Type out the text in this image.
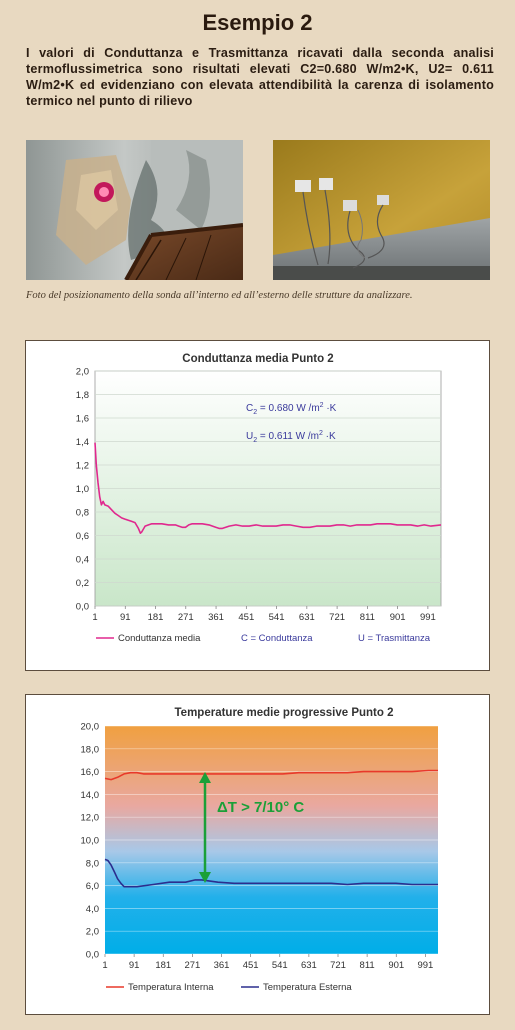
Esempio 2
I valori di Conduttanza e Trasmittanza ricavati dalla seconda analisi termoflussimetrica sono risultati elevati C2=0.680 W/m2•K, U2= 0.611 W/m2•K ed evidenziano con elevata attendibilità la carenza di isolamento termico nel punto di rilievo
Foto del posizionamento della sonda all’interno ed all’esterno delle strutture da analizzare.
Conduttanza media Punto 2
0,0
0,2
0,4
0,6
0,8
1,0
1,2
1,4
1,6
1,8
2,0
1 91 181 271 361 451 541 631 721 811 901 991
$C_2 = 0.680$ W $/m^2 \cdot K$
$U_2 = 0.611$ W $/m^2 \cdot K$
Conduttanza media	C = Conduttanza	U = Trasmittanza
Temperature medie progressive Punto 2
0,0
2,0
4,0
6,0
8,0
10,0
12,0
14,0
16,0
18,0
20,0
1 91 181 271 361 451 541 631 721 811 901 991
ΔT > 7/10° C
Temperatura Interna	Temperatura Esterna
